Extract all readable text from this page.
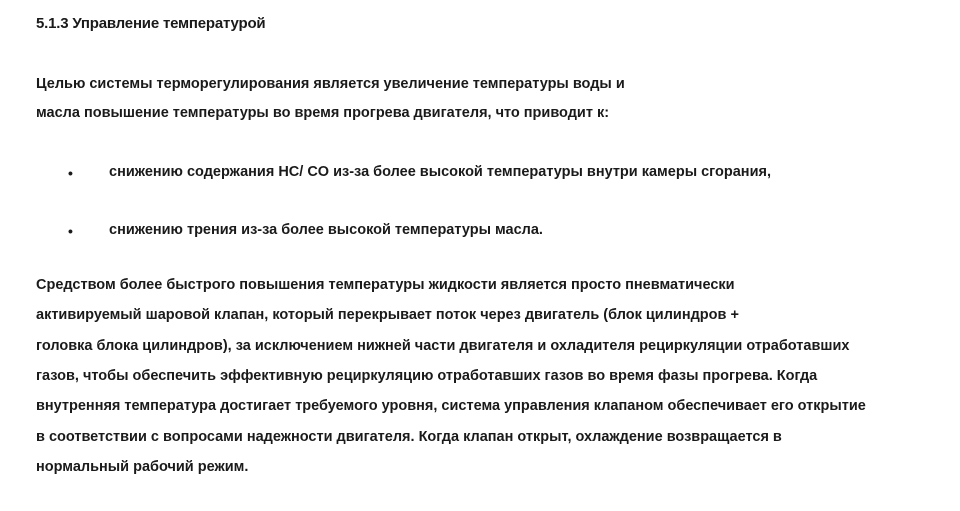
5.1.3 Управление температурой

Целью системы терморегулирования является увеличение температуры воды и

масла повышение температуры во время прогрева двигателя, что приводит к:

• снижению содержания HC/ CO из-за более высокой температуры внутри камеры сгорания,
• снижению трения из-за более высокой температуры масла.

Средством более быстрого повышения температуры жидкости является просто пневматически

активируемый шаровой клапан, который перекрывает поток через двигатель (блок цилиндров +

головка блока цилиндров), за исключением нижней части двигателя и охладителя рециркуляции отработавших

газов, чтобы обеспечить эффективную рециркуляцию отработавших газов во время фазы прогрева. Когда

внутренняя температура достигает требуемого уровня, система управления клапаном обеспечивает его открытие

в соответствии с вопросами надежности двигателя. Когда клапан открыт, охлаждение возвращается в

нормальный рабочий режим.
